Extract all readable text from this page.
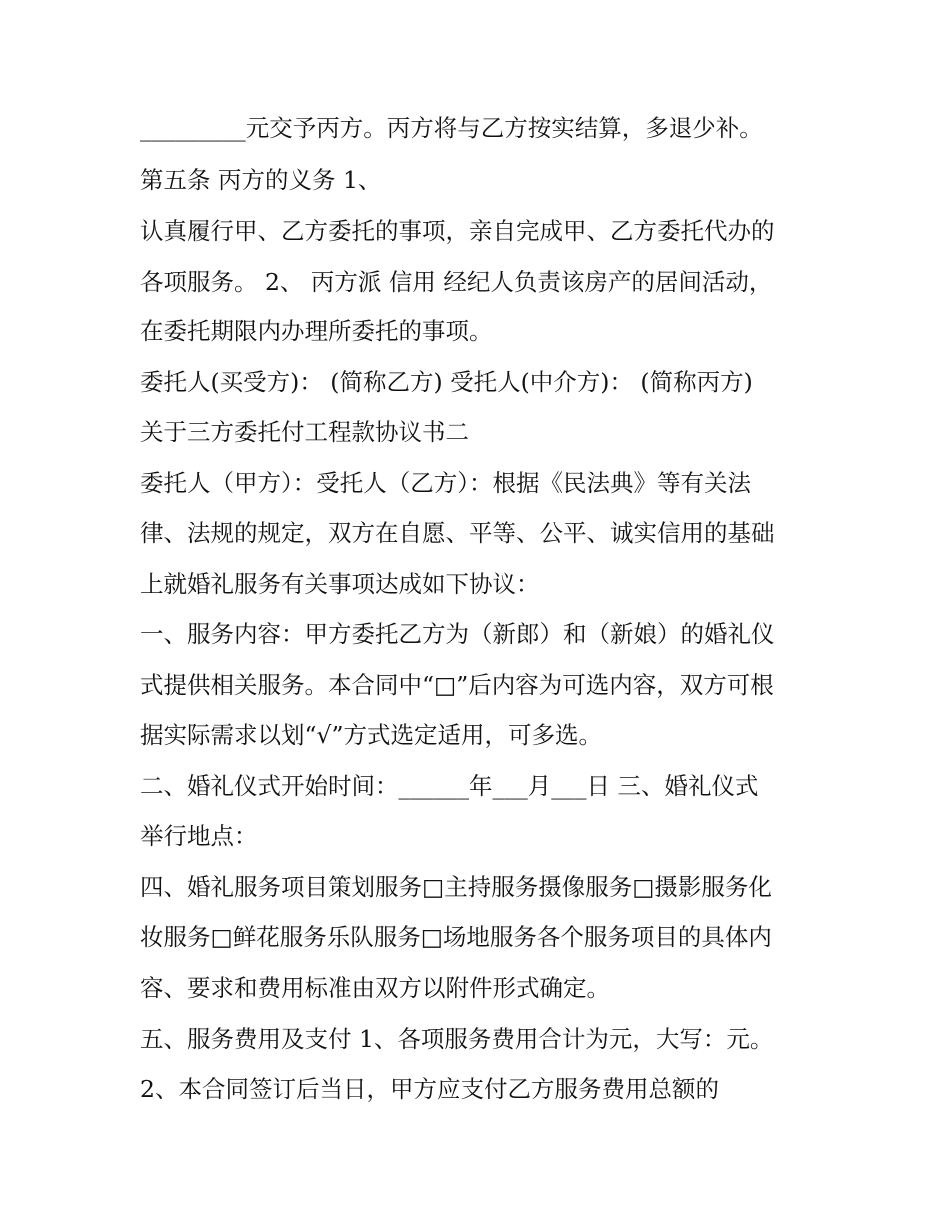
_________元交予丙方。丙方将与乙方按实结算，多退少补。
第五条 丙方的义务 1、
认真履行甲、乙方委托的事项，亲自完成甲、乙方委托代办的
各项服务。 2、 丙方派 信用 经纪人负责该房产的居间活动，
在委托期限内办理所委托的事项。
委托人(买受方)： (简称乙方) 受托人(中介方)： (简称丙方)
关于三方委托付工程款协议书二
委托人（甲方）：受托人（乙方）：根据《民法典》等有关法
律、法规的规定，双方在自愿、平等、公平、诚实信用的基础
上就婚礼服务有关事项达成如下协议：
一、服务内容：甲方委托乙方为（新郎）和（新娘）的婚礼仪
式提供相关服务。本合同中“□”后内容为可选内容，双方可根
据实际需求以划“√”方式选定适用，可多选。
二、婚礼仪式开始时间：______年___月___日 三、婚礼仪式
举行地点：
四、婚礼服务项目策划服务□主持服务摄像服务□摄影服务化
妆服务□鲜花服务乐队服务□场地服务各个服务项目的具体内
容、要求和费用标准由双方以附件形式确定。
五、服务费用及支付 1、各项服务费用合计为元，大写：元。
2、本合同签订后当日，甲方应支付乙方服务费用总额的
